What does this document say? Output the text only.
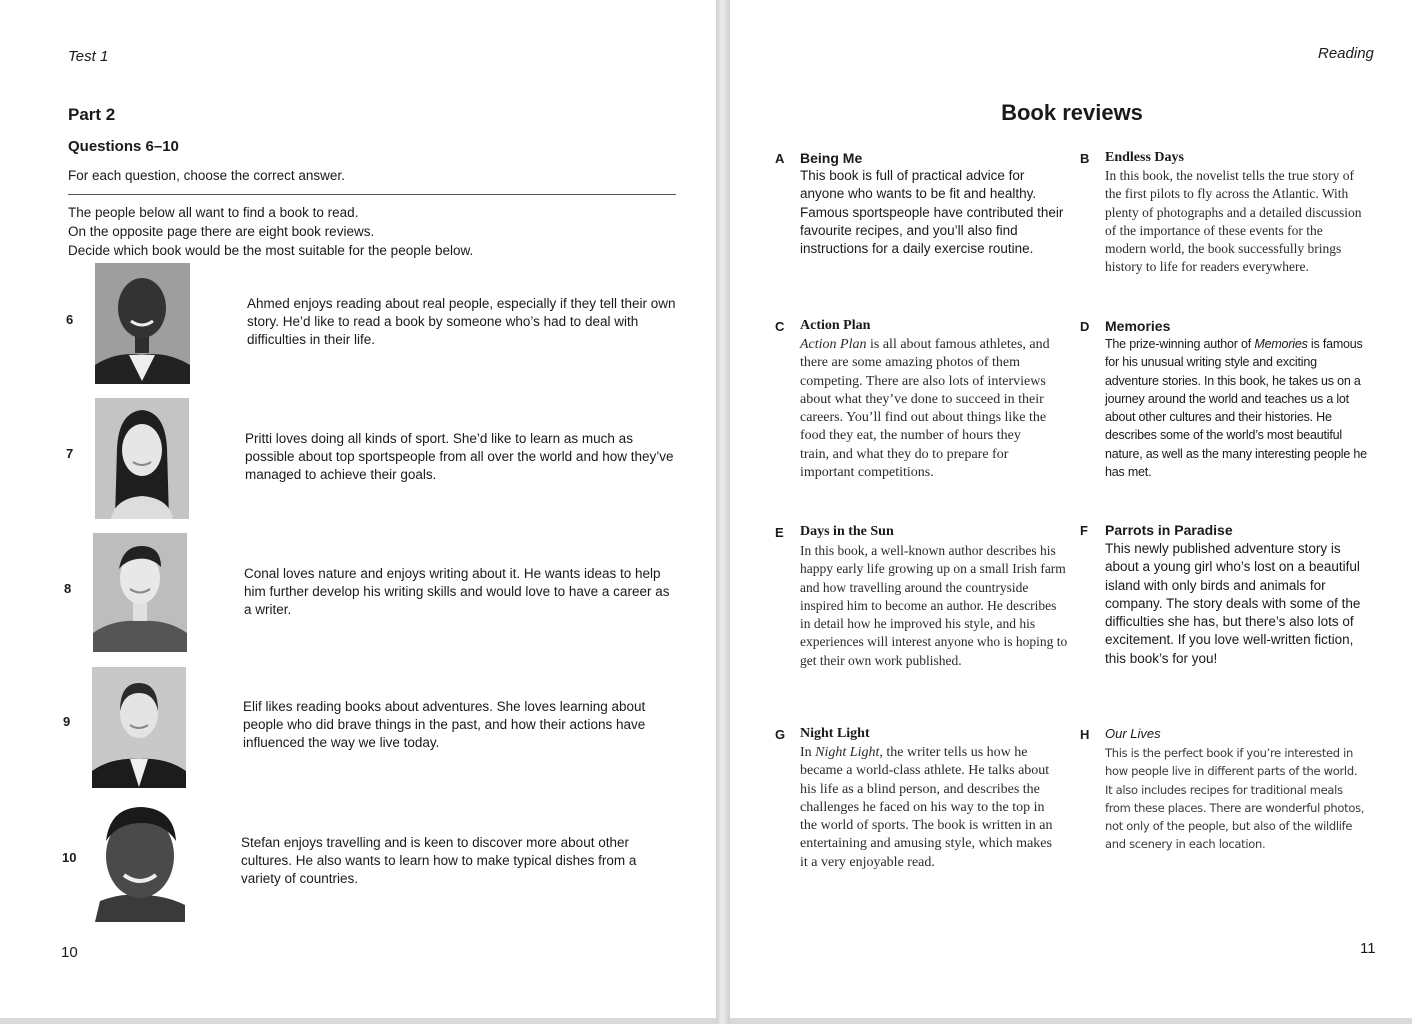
Test 1
Part 2
Questions 6–10
For each question, choose the correct answer.
The people below all want to find a book to read.
On the opposite page there are eight book reviews.
Decide which book would be the most suitable for the people below.
6
Ahmed enjoys reading about real people, especially if they tell their own story. He’d like to read a book by someone who’s had to deal with difficulties in their life.
7
Pritti loves doing all kinds of sport. She’d like to learn as much as possible about top sportspeople from all over the world and how they’ve managed to achieve their goals.
8
Conal loves nature and enjoys writing about it. He wants ideas to help him further develop his writing skills and would love to have a career as a writer.
9
Elif likes reading books about adventures. She loves learning about people who did brave things in the past, and how their actions have influenced the way we live today.
10
Stefan enjoys travelling and is keen to discover more about other cultures. He also wants to learn how to make typical dishes from a variety of countries.
10
Reading
Book reviews
A Being Me
This book is full of practical advice for anyone who wants to be fit and healthy. Famous sportspeople have contributed their favourite recipes, and you’ll also find instructions for a daily exercise routine.
B Endless Days
In this book, the novelist tells the true story of the first pilots to fly across the Atlantic. With plenty of photographs and a detailed discussion of the importance of these events for the modern world, the book successfully brings history to life for readers everywhere.
C Action Plan
Action Plan is all about famous athletes, and there are some amazing photos of them competing. There are also lots of interviews about what they’ve done to succeed in their careers. You’ll find out about things like the food they eat, the number of hours they train, and what they do to prepare for important competitions.
D Memories
The prize-winning author of Memories is famous for his unusual writing style and exciting adventure stories. In this book, he takes us on a journey around the world and teaches us a lot about other cultures and their histories. He describes some of the world’s most beautiful nature, as well as the many interesting people he has met.
E Days in the Sun
In this book, a well-known author describes his happy early life growing up on a small Irish farm and how travelling around the countryside inspired him to become an author. He describes in detail how he improved his style, and his experiences will interest anyone who is hoping to get their own work published.
F Parrots in Paradise
This newly published adventure story is about a young girl who’s lost on a beautiful island with only birds and animals for company. The story deals with some of the difficulties she has, but there’s also lots of excitement. If you love well-written fiction, this book’s for you!
G Night Light
In Night Light, the writer tells us how he became a world-class athlete. He talks about his life as a blind person, and describes the challenges he faced on his way to the top in the world of sports. The book is written in an entertaining and amusing style, which makes it a very enjoyable read.
H Our Lives
This is the perfect book if you’re interested in how people live in different parts of the world. It also includes recipes for traditional meals from these places. There are wonderful photos, not only of the people, but also of the wildlife and scenery in each location.
11
